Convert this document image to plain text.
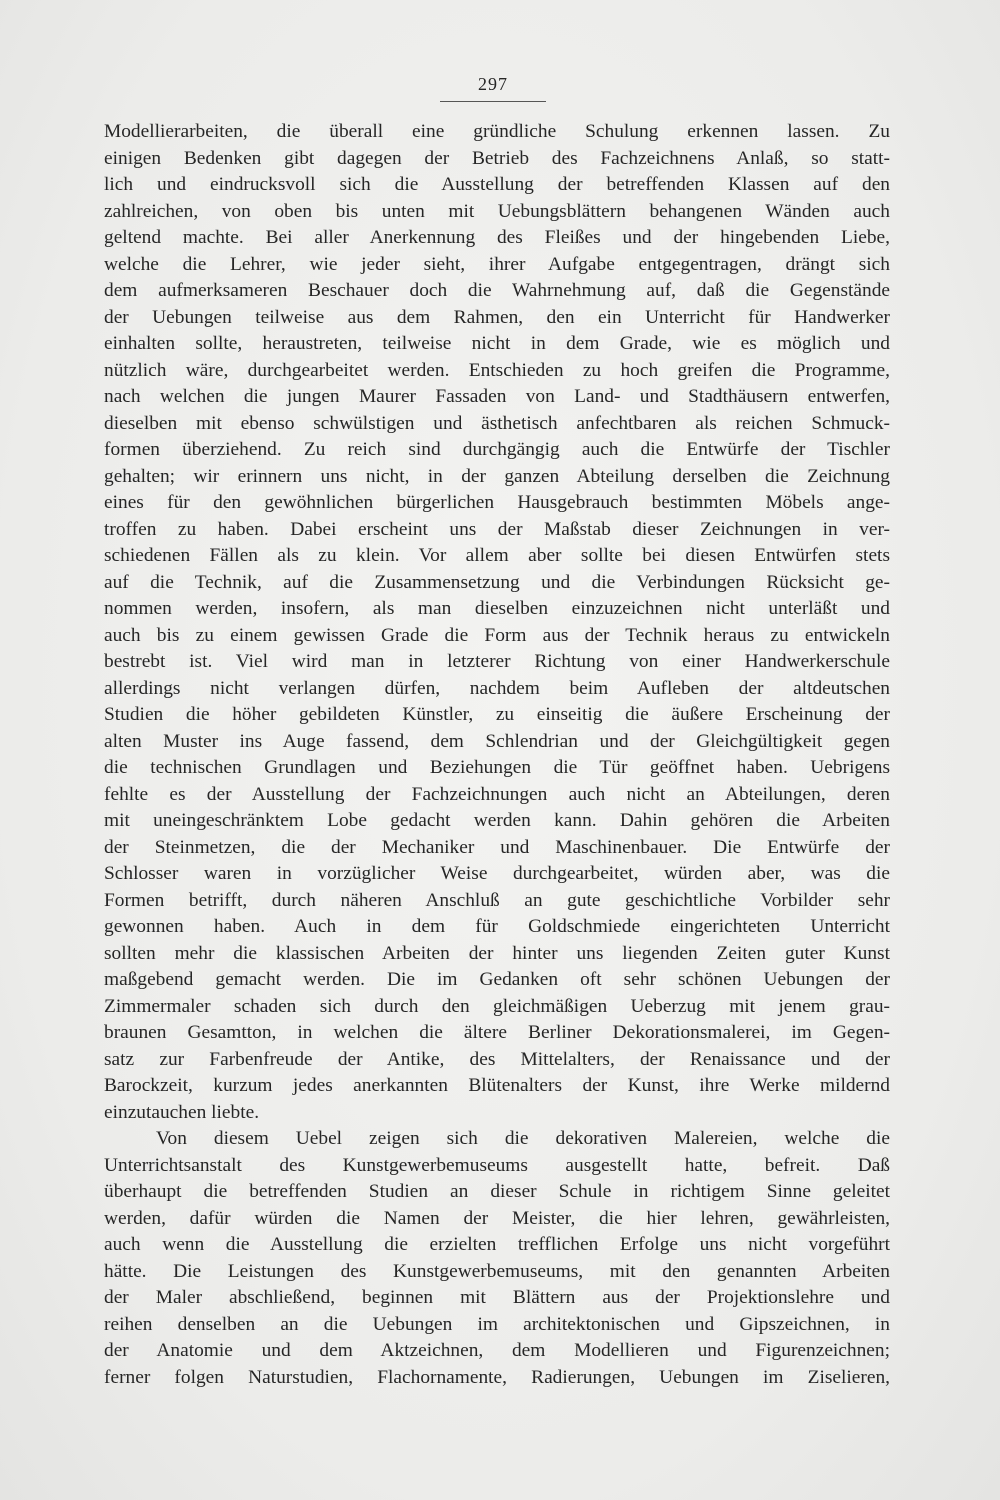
297
Modellierarbeiten, die überall eine gründliche Schulung erkennen lassen. Zu
einigen Bedenken gibt dagegen der Betrieb des Fachzeichnens Anlaß, so statt-
lich und eindrucksvoll sich die Ausstellung der betreffenden Klassen auf den
zahlreichen, von oben bis unten mit Uebungsblättern behangenen Wänden auch
geltend machte. Bei aller Anerkennung des Fleißes und der hingebenden Liebe,
welche die Lehrer, wie jeder sieht, ihrer Aufgabe entgegentragen, drängt sich
dem aufmerksameren Beschauer doch die Wahrnehmung auf, daß die Gegenstände
der Uebungen teilweise aus dem Rahmen, den ein Unterricht für Handwerker
einhalten sollte, heraustreten, teilweise nicht in dem Grade, wie es möglich und
nützlich wäre, durchgearbeitet werden. Entschieden zu hoch greifen die Programme,
nach welchen die jungen Maurer Fassaden von Land- und Stadthäusern entwerfen,
dieselben mit ebenso schwülstigen und ästhetisch anfechtbaren als reichen Schmuck-
formen überziehend. Zu reich sind durchgängig auch die Entwürfe der Tischler
gehalten; wir erinnern uns nicht, in der ganzen Abteilung derselben die Zeichnung
eines für den gewöhnlichen bürgerlichen Hausgebrauch bestimmten Möbels ange-
troffen zu haben. Dabei erscheint uns der Maßstab dieser Zeichnungen in ver-
schiedenen Fällen als zu klein. Vor allem aber sollte bei diesen Entwürfen stets
auf die Technik, auf die Zusammensetzung und die Verbindungen Rücksicht ge-
nommen werden, insofern, als man dieselben einzuzeichnen nicht unterläßt und
auch bis zu einem gewissen Grade die Form aus der Technik heraus zu entwickeln
bestrebt ist. Viel wird man in letzterer Richtung von einer Handwerkerschule
allerdings nicht verlangen dürfen, nachdem beim Aufleben der altdeutschen
Studien die höher gebildeten Künstler, zu einseitig die äußere Erscheinung der
alten Muster ins Auge fassend, dem Schlendrian und der Gleichgültigkeit gegen
die technischen Grundlagen und Beziehungen die Tür geöffnet haben. Uebrigens
fehlte es der Ausstellung der Fachzeichnungen auch nicht an Abteilungen, deren
mit uneingeschränktem Lobe gedacht werden kann. Dahin gehören die Arbeiten
der Steinmetzen, die der Mechaniker und Maschinenbauer. Die Entwürfe der
Schlosser waren in vorzüglicher Weise durchgearbeitet, würden aber, was die
Formen betrifft, durch näheren Anschluß an gute geschichtliche Vorbilder sehr
gewonnen haben. Auch in dem für Goldschmiede eingerichteten Unterricht
sollten mehr die klassischen Arbeiten der hinter uns liegenden Zeiten guter Kunst
maßgebend gemacht werden. Die im Gedanken oft sehr schönen Uebungen der
Zimmermaler schaden sich durch den gleichmäßigen Ueberzug mit jenem grau-
braunen Gesamtton, in welchen die ältere Berliner Dekorationsmalerei, im Gegen-
satz zur Farbenfreude der Antike, des Mittelalters, der Renaissance und der
Barockzeit, kurzum jedes anerkannten Blütenalters der Kunst, ihre Werke mildernd
einzutauchen liebte.
Von diesem Uebel zeigen sich die dekorativen Malereien, welche die
Unterrichtsanstalt des Kunstgewerbemuseums ausgestellt hatte, befreit. Daß
überhaupt die betreffenden Studien an dieser Schule in richtigem Sinne geleitet
werden, dafür würden die Namen der Meister, die hier lehren, gewährleisten,
auch wenn die Ausstellung die erzielten trefflichen Erfolge uns nicht vorgeführt
hätte. Die Leistungen des Kunstgewerbemuseums, mit den genannten Arbeiten
der Maler abschließend, beginnen mit Blättern aus der Projektionslehre und
reihen denselben an die Uebungen im architektonischen und Gipszeichnen, in
der Anatomie und dem Aktzeichnen, dem Modellieren und Figurenzeichnen;
ferner folgen Naturstudien, Flachornamente, Radierungen, Uebungen im Ziselieren,
